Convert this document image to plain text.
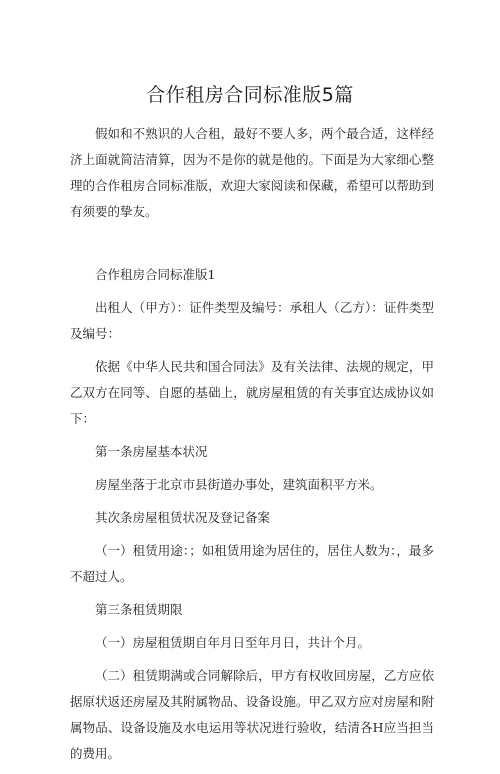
合作租房合同标准版5篇

假如和不熟识的人合租，最好不要人多，两个最合适，这样经济上面就简洁清算，因为不是你的就是他的。下面是为大家细心整理的合作租房合同标准版，欢迎大家阅读和保藏，希望可以帮助到有须要的挚友。

合作租房合同标准版1

出租人（甲方）：证件类型及编号：承租人（乙方）：证件类型及编号：

依据《中华人民共和国合同法》及有关法律、法规的规定，甲乙双方在同等、自愿的基础上，就房屋租赁的有关事宜达成协议如下：

第一条房屋基本状况

房屋坐落于北京市县街道办事处，建筑面积平方米。

其次条房屋租赁状况及登记备案

（一）租赁用途：；如租赁用途为居住的，居住人数为：，最多不超过人。

第三条租赁期限

（一）房屋租赁期自年月日至年月日，共计个月。

（二）租赁期满或合同解除后，甲方有权收回房屋，乙方应依据原状返还房屋及其附属物品、设备设施。甲乙双方应对房屋和附属物品、设备设施及水电运用等状况进行验收，结清各H应当担当的费用。
